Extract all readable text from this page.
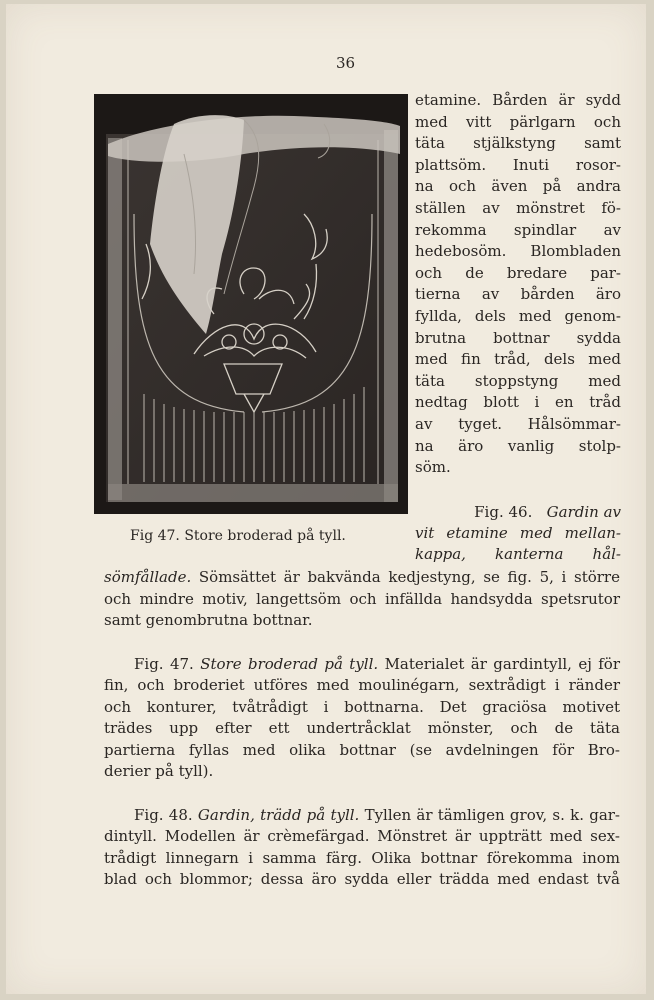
36
etamine. Bården är sydd
med vitt pärlgarn och
täta stjälkstyng samt
plattsöm. Inuti rosor-
na och även på andra
ställen av mönstret fö-
rekomma spindlar av
hedebosöm. Blombladen
och de bredare par-
tierna av bården äro
fyllda, dels med genom-
brutna bottnar sydda
med fin tråd, dels med
täta stoppstyng med
nedtag blott i en tråd
av tyget. Hålsömmar-
na äro vanlig stolp-
söm.
Fig. 46. Gardin av
vit etamine med mellan-
kappa, kanterna hål-
Fig 47. Store broderad på tyll.
sömfållade. Sömsättet är bakvända kedjestyng, se fig. 5, i större
och mindre motiv, langettsöm och infällda handsydda spetsrutor
samt genombrutna bottnar.
Fig. 47. Store broderad på tyll. Materialet är gardintyll, ej för
fin, och broderiet utföres med moulinégarn, sextrådigt i ränder
och konturer, tvåtrådigt i bottnarna. Det graciösa motivet
trädes upp efter ett undertråcklat mönster, och de täta
partierna fyllas med olika bottnar (se avdelningen för Bro-
derier på tyll).
Fig. 48. Gardin, trädd på tyll. Tyllen är tämligen grov, s. k. gar-
dintyll. Modellen är crèmefärgad. Mönstret är uppträtt med sex-
trådigt linnegarn i samma färg. Olika bottnar förekomma inom
blad och blommor; dessa äro sydda eller trädda med endast två
